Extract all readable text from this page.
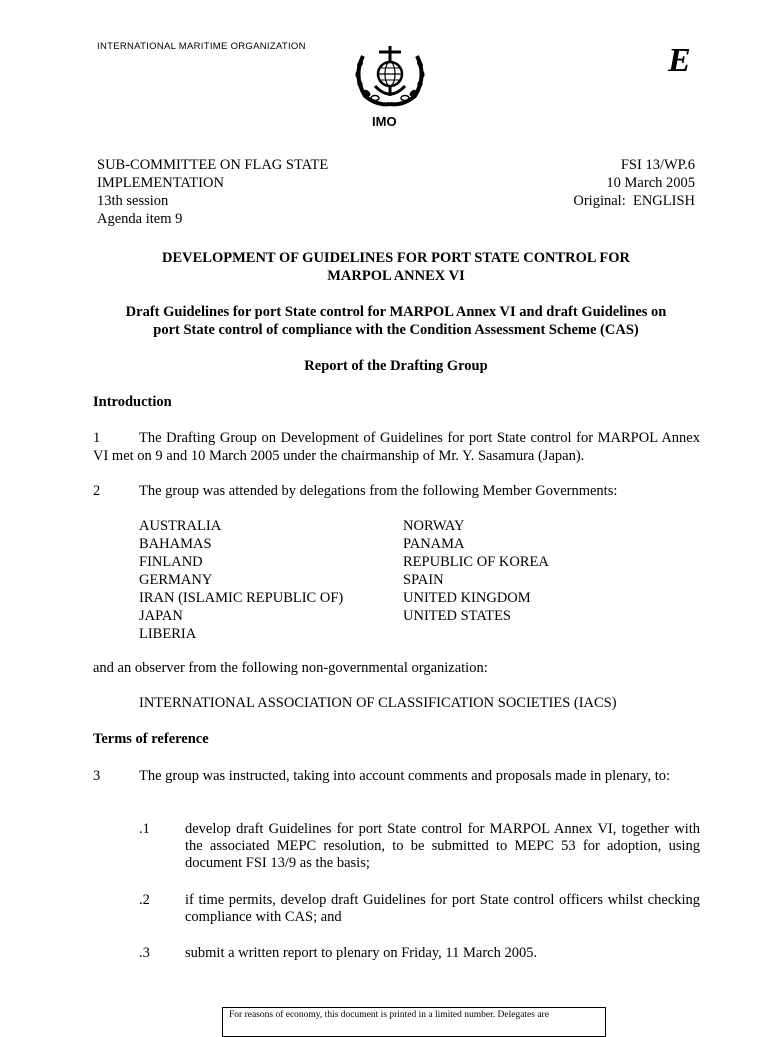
INTERNATIONAL MARITIME ORGANIZATION	E
IMO
SUB-COMMITTEE ON FLAG STATE
IMPLEMENTATION
13th session
Agenda item 9
FSI 13/WP.6
10 March 2005
Original:  ENGLISH
DEVELOPMENT OF GUIDELINES FOR PORT STATE CONTROL FOR
MARPOL ANNEX VI
Draft Guidelines for port State control for MARPOL Annex VI and draft Guidelines on
port State control of compliance with the Condition Assessment Scheme (CAS)
Report of the Drafting Group
Introduction
1	The Drafting Group on Development of Guidelines for port State control for MARPOL Annex VI met on 9 and 10 March 2005 under the chairmanship of Mr. Y. Sasamura (Japan).
2	The group was attended by delegations from the following Member Governments:
AUSTRALIA
BAHAMAS
FINLAND
GERMANY
IRAN (ISLAMIC REPUBLIC OF)
JAPAN
LIBERIA
NORWAY
PANAMA
REPUBLIC OF KOREA
SPAIN
UNITED KINGDOM
UNITED STATES
and an observer from the following non-governmental organization:
INTERNATIONAL ASSOCIATION OF CLASSIFICATION SOCIETIES (IACS)
Terms of reference
3	The group was instructed, taking into account comments and proposals made in plenary, to:
.1 develop draft Guidelines for port State control for MARPOL Annex VI, together with the associated MEPC resolution, to be submitted to MEPC 53 for adoption, using document FSI 13/9 as the basis;
.2 if time permits, develop draft Guidelines for port State control officers whilst checking compliance with CAS; and
.3 submit a written report to plenary on Friday, 11 March 2005.
For reasons of economy, this document is printed in a limited number. Delegates are
